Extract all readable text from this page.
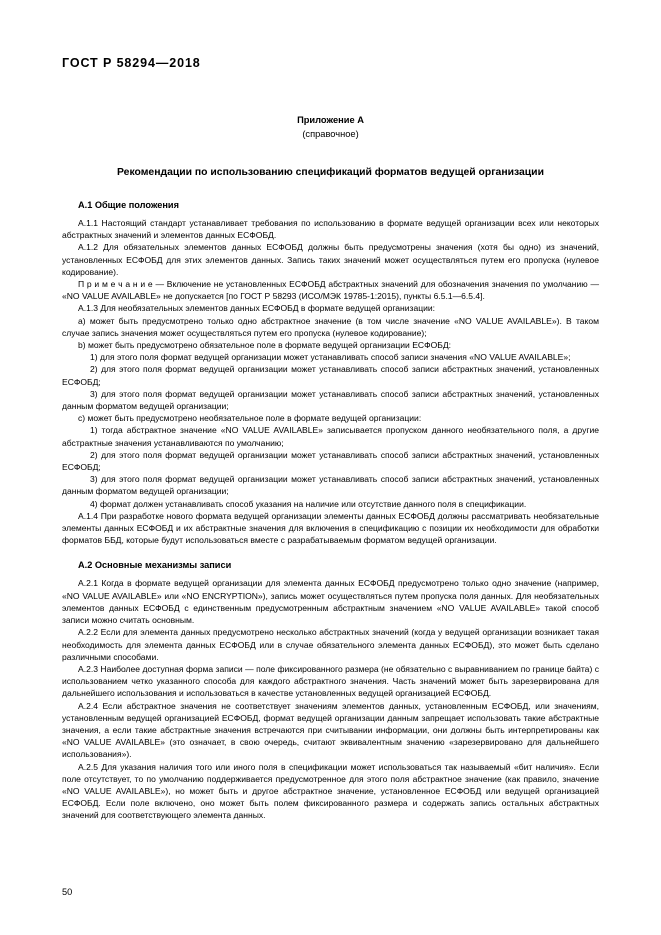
ГОСТ Р 58294—2018
Приложение А
(справочное)
Рекомендации по использованию спецификаций форматов ведущей организации
А.1 Общие положения

А.1.1 Настоящий стандарт устанавливает требования по использованию в формате ведущей организации всех или некоторых абстрактных значений и элементов данных ЕСФОБД.

А.1.2 Для обязательных элементов данных ЕСФОБД должны быть предусмотрены значения (хотя бы одно) из значений, установленных ЕСФОБД для этих элементов данных. Запись таких значений может осуществляться путем его пропуска (нулевое кодирование).

П р и м е ч а н и е — Включение не установленных ЕСФОБД абстрактных значений для обозначения значения по умолчанию — «NO VALUE AVAILABLE» не допускается [по ГОСТ Р 58293 (ИСО/МЭК 19785-1:2015), пункты 6.5.1—6.5.4].

А.1.3 Для необязательных элементов данных ЕСФОБД в формате ведущей организации:

a) может быть предусмотрено только одно абстрактное значение (в том числе значение «NO VALUE AVAILABLE»). В таком случае запись значения может осуществляться путем его пропуска (нулевое кодирование);

b) может быть предусмотрено обязательное поле в формате ведущей организации ЕСФОБД:

1) для этого поля формат ведущей организации может устанавливать способ записи значения «NO VALUE AVAILABLE»;

2) для этого поля формат ведущей организации может устанавливать способ записи абстрактных значений, установленных ЕСФОБД;

3) для этого поля формат ведущей организации может устанавливать способ записи абстрактных значений, установленных данным форматом ведущей организации;

c) может быть предусмотрено необязательное поле в формате ведущей организации:

1) тогда абстрактное значение «NO VALUE AVAILABLE» записывается пропуском данного необязательного поля, а другие абстрактные значения устанавливаются по умолчанию;

2) для этого поля формат ведущей организации может устанавливать способ записи абстрактных значений, установленных ЕСФОБД;

3) для этого поля формат ведущей организации может устанавливать способ записи абстрактных значений, установленных данным форматом ведущей организации;

4) формат должен устанавливать способ указания на наличие или отсутствие данного поля в спецификации.

А.1.4 При разработке нового формата ведущей организации элементы данных ЕСФОБД должны рассматривать необязательные элементы данных ЕСФОБД и их абстрактные значения для включения в спецификацию с позиции их необходимости для обработки форматов ББД, которые будут использоваться вместе с разрабатываемым форматом ведущей организации.

А.2 Основные механизмы записи

А.2.1 Когда в формате ведущей организации для элемента данных ЕСФОБД предусмотрено только одно значение (например, «NO VALUE AVAILABLE» или «NO ENCRYPTION»), запись может осуществляться путем пропуска поля данных. Для необязательных элементов данных ЕСФОБД с единственным предусмотренным абстрактным значением «NO VALUE AVAILABLE» такой способ записи можно считать основным.

А.2.2 Если для элемента данных предусмотрено несколько абстрактных значений (когда у ведущей организации возникает такая необходимость для элемента данных ЕСФОБД или в случае обязательного элемента данных ЕСФОБД), это может быть сделано различными способами.

А.2.3 Наиболее доступная форма записи — поле фиксированного размера (не обязательно с выравниванием по границе байта) с использованием четко указанного способа для каждого абстрактного значения. Часть значений может быть зарезервирована для дальнейшего использования и использоваться в качестве установленных ведущей организацией ЕСФОБД.

А.2.4 Если абстрактное значения не соответствует значениям элементов данных, установленным ЕСФОБД, или значениям, установленным ведущей организацией ЕСФОБД, формат ведущей организации данным запрещает использовать такие абстрактные значения, а если такие абстрактные значения встречаются при считывании информации, они должны быть интерпретированы как «NO VALUE AVAILABLE» (это означает, в свою очередь, считают эквивалентным значению «зарезервировано для дальнейшего использования»).

А.2.5 Для указания наличия того или иного поля в спецификации может использоваться так называемый «бит наличия». Если поле отсутствует, то по умолчанию поддерживается предусмотренное для этого поля абстрактное значение (как правило, значение «NO VALUE AVAILABLE»), но может быть и другое абстрактное значение, установленное ЕСФОБД или ведущей организацией ЕСФОБД. Если поле включено, оно может быть полем фиксированного размера и содержать запись остальных абстрактных значений для соответствующего элемента данных.

50
